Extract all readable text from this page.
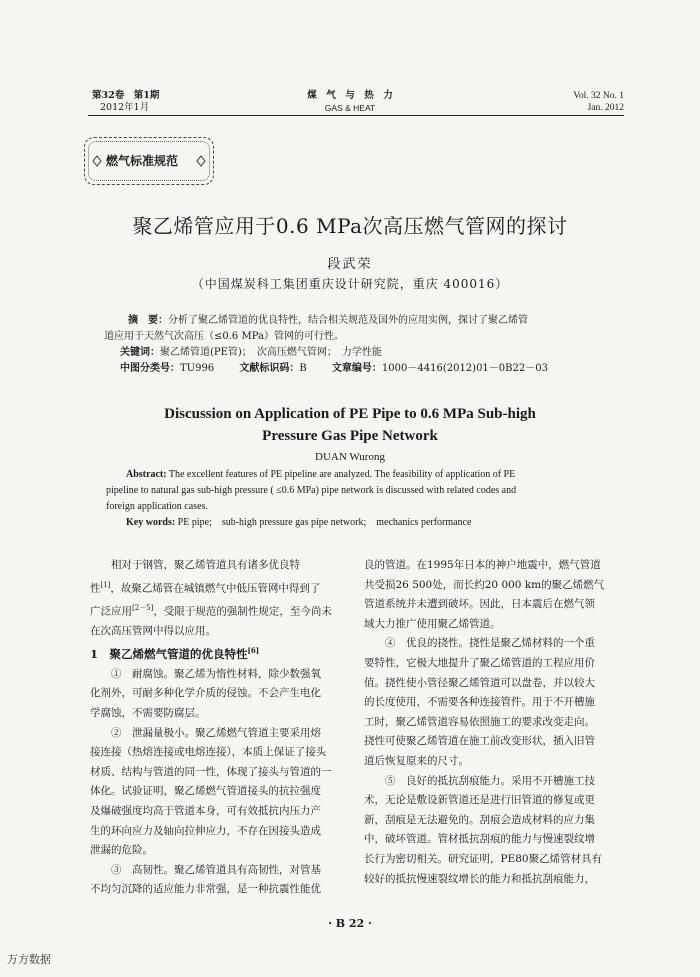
第32卷　第1期
2012年1月
煤　气　与　热　力
GAS & HEAT
Vol. 32 No. 1
Jan. 2012
燃气标准规范
聚乙烯管应用于0.6 MPa次高压燃气管网的探讨
段武荣
（中国煤炭科工集团重庆设计研究院，重庆 400016）
摘　要：分析了聚乙烯管道的优良特性，结合相关规范及国外的应用实例，探讨了聚乙烯管
道应用于天然气次高压（≤0.6 MPa）管网的可行性。
关键词：聚乙烯管道(PE管)；　次高压燃气管网；　力学性能
中图分类号：TU996	文献标识码：B	文章编号：1000－4416(2012)01－0B22－03
Discussion on Application of PE Pipe to 0.6 MPa Sub-high
Pressure Gas Pipe Network
DUAN Wurong
Abstract: The excellent features of PE pipeline are analyzed. The feasibility of application of PE
pipeline to natural gas sub-high pressure ( ≤0.6 MPa) pipe network is discussed with related codes and
foreign application cases.
Key words: PE pipe;　sub-high pressure gas pipe network;　mechanics performance
相对于钢管，聚乙烯管道具有诸多优良特
性[1]，故聚乙烯管在城镇燃气中低压管网中得到了
广泛应用[2－5]，受限于规范的强制性规定，至今尚未
在次高压管网中得以应用。
1　聚乙烯燃气管道的优良特性[6]
①　耐腐蚀。聚乙烯为惰性材料，除少数强氧
化剂外，可耐多种化学介质的侵蚀。不会产生电化
学腐蚀，不需要防腐层。
②　泄漏量极小。聚乙烯燃气管道主要采用熔
接连接（热熔连接或电熔连接），本质上保证了接头
材质、结构与管道的同一性，体现了接头与管道的一
体化。试验证明，聚乙烯燃气管道接头的抗拉强度
及爆破强度均高于管道本身，可有效抵抗内压力产
生的环向应力及轴向拉伸应力，不存在因接头造成
泄漏的危险。
③　高韧性。聚乙烯管道具有高韧性，对管基
不均匀沉降的适应能力非常强，是一种抗震性能优
良的管道。在1995年日本的神户地震中，燃气管道
共受损26 500处，而长约20 000 km的聚乙烯燃气
管道系统并未遭到破坏。因此，日本震后在燃气领
域大力推广使用聚乙烯管道。
④　优良的挠性。挠性是聚乙烯材料的一个重
要特性，它极大地提升了聚乙烯管道的工程应用价
值。挠性使小管径聚乙烯管道可以盘卷，并以较大
的长度使用，不需要各种连接管件。用于不开槽施
工时，聚乙烯管道容易依照施工的要求改变走向。
挠性可使聚乙烯管道在施工前改变形状，插入旧管
道后恢复原来的尺寸。
⑤　良好的抵抗刮痕能力。采用不开槽施工技
术，无论是敷设新管道还是进行旧管道的修复或更
新，刮痕是无法避免的。刮痕会造成材料的应力集
中，破坏管道。管材抵抗刮痕的能力与慢速裂纹增
长行为密切相关。研究证明，PE80聚乙烯管材具有
较好的抵抗慢速裂纹增长的能力和抵抗刮痕能力，
· B 22 ·
万方数据
